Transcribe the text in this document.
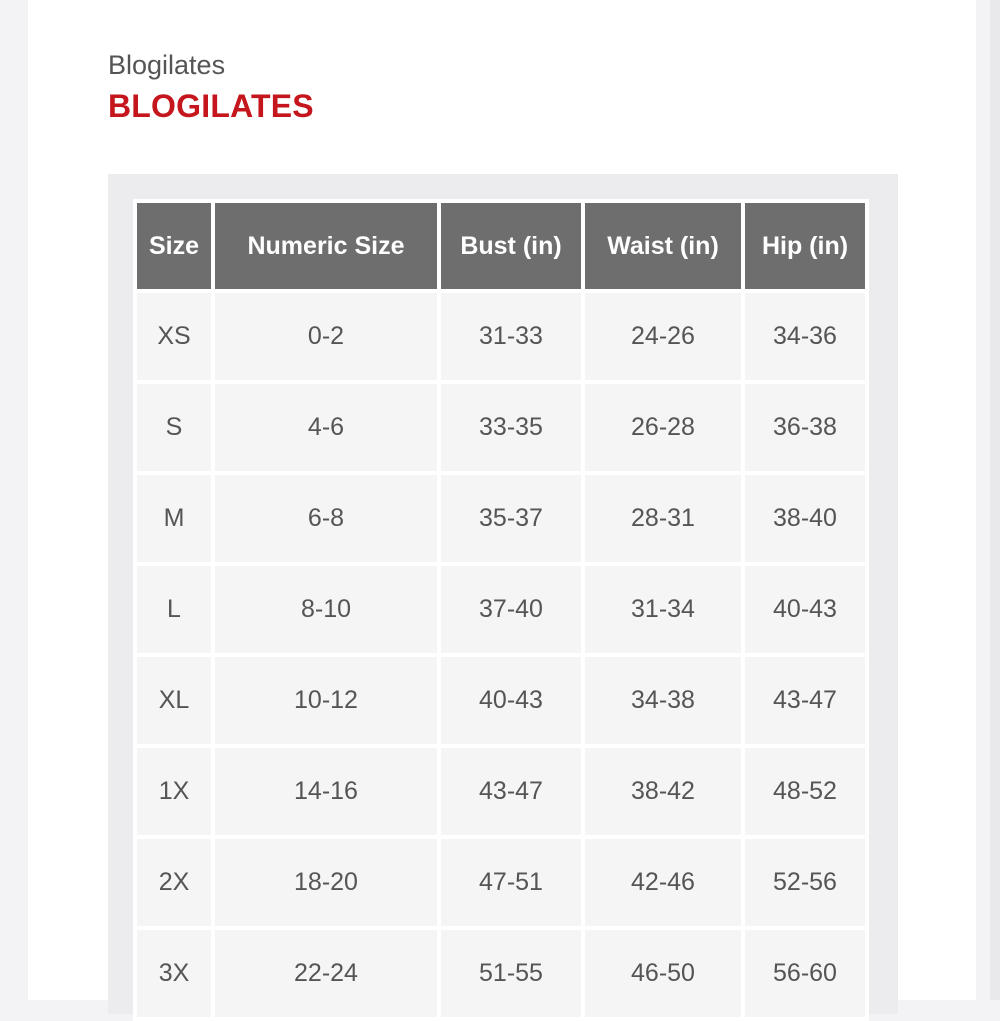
Blogilates
BLOGILATES
Size	Numeric Size	Bust (in)	Waist (in)	Hip (in)
XS	0-2	31-33	24-26	34-36
S	4-6	33-35	26-28	36-38
M	6-8	35-37	28-31	38-40
L	8-10	37-40	31-34	40-43
XL	10-12	40-43	34-38	43-47
1X	14-16	43-47	38-42	48-52
2X	18-20	47-51	42-46	52-56
3X	22-24	51-55	46-50	56-60
